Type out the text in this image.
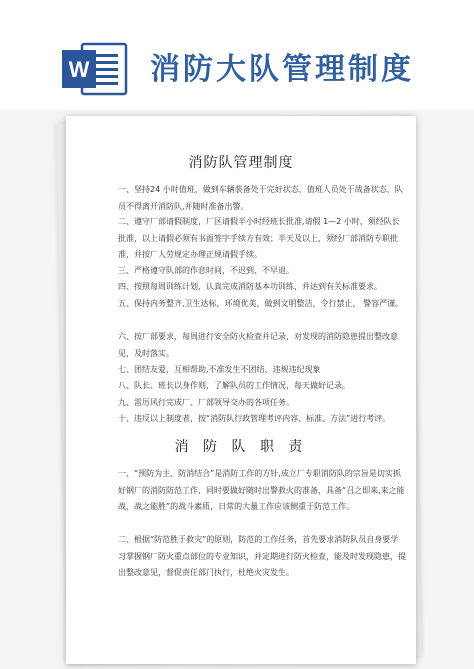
W 消防大队管理制度
消防队管理制度
一、坚持24 小时值班，做到车辆装备处于完好状态，值班人员处于战备状态，队员不得离开消防队,并随时准备出警。
二、遵守厂部请假制度，厂区请假半小时经班长批准,请假 1—2 小时，须经队长批准，以上请假必须有书面签字手续方有效；半天及以上，须经厂部消防专职批准，并按厂人劳规定办理正规请假手续。
三、严格遵守队部的作息时间，不迟到、不早退。
四、按照每周训练计划，认真完成消防基本功训练，并达到有关标准要求。
五、保持内务整齐,卫生达标，环境优美，做到文明整洁，令行禁止， 警容严谨。
六、按厂部要求，每周进行安全防火检查并记录，对发现的消防隐患提出整改意见，及时落实。
七、团结友爱，互相帮助,不准发生不团结、违规违纪现象
八、队长、班长以身作则，了解队员的工作情况，每天做好记录。
九、雷厉风行完成厂、厂部领导交办的各项任务。
十、违反以上制度者，按“消防队行政管理考评内容、标准、方法”进行考评。
消 防 队 职 责
一、“预防为主、防消结合”是消防工作的方针,成立厂专职消防队的宗旨是切实抓好钢厂的消防防范工作，同时要做好随时出警救火的准备，具备“召之即来,来之能战，战之能胜”的战斗素质，日常的大量工作应该侧重于防范工作。
二、根据“防范胜于救灾”的原则，防范的工作任务，首先要求消防队员自身要学习掌握钢厂防火重点部位的专业知识，并定期进行防火检查，能及时发现隐患，提出整改意见，督促责任部门执行，杜绝火灾发生。
